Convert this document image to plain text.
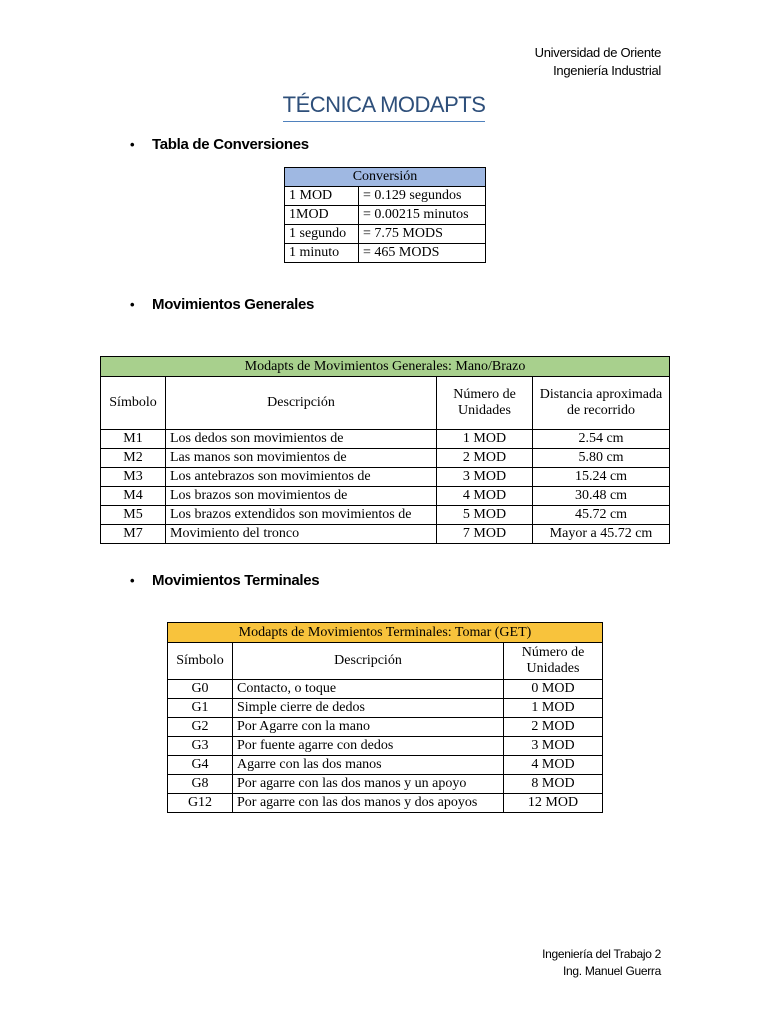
Universidad de Oriente
Ingeniería Industrial
TÉCNICA MODAPTS
• Tabla de Conversiones
Conversión	
1 MOD	= 0.129 segundos
1MOD	= 0.00215 minutos
1 segundo	= 7.75 MODS
1 minuto	= 465 MODS
• Movimientos Generales
Modapts de Movimientos Generales: Mano/Brazo			
Símbolo	Descripción	Número de Unidades	Distancia aproximada de recorrido
M1	Los dedos son movimientos de	1 MOD	2.54 cm
M2	Las manos son movimientos de	2 MOD	5.80 cm
M3	Los antebrazos son movimientos de	3 MOD	15.24 cm
M4	Los brazos son movimientos de	4 MOD	30.48 cm
M5	Los brazos extendidos son movimientos de	5 MOD	45.72 cm
M7	Movimiento del tronco	7 MOD	Mayor a 45.72 cm
• Movimientos Terminales
Modapts de Movimientos Terminales: Tomar (GET)		
Símbolo	Descripción	Número de Unidades
G0	Contacto, o toque	0 MOD
G1	Simple cierre de dedos	1 MOD
G2	Por Agarre con la mano	2 MOD
G3	Por fuente agarre con dedos	3 MOD
G4	Agarre con las dos manos	4 MOD
G8	Por agarre con las dos manos y un apoyo	8 MOD
G12	Por agarre con las dos manos y dos apoyos	12 MOD
Ingeniería del Trabajo 2
Ing. Manuel Guerra
